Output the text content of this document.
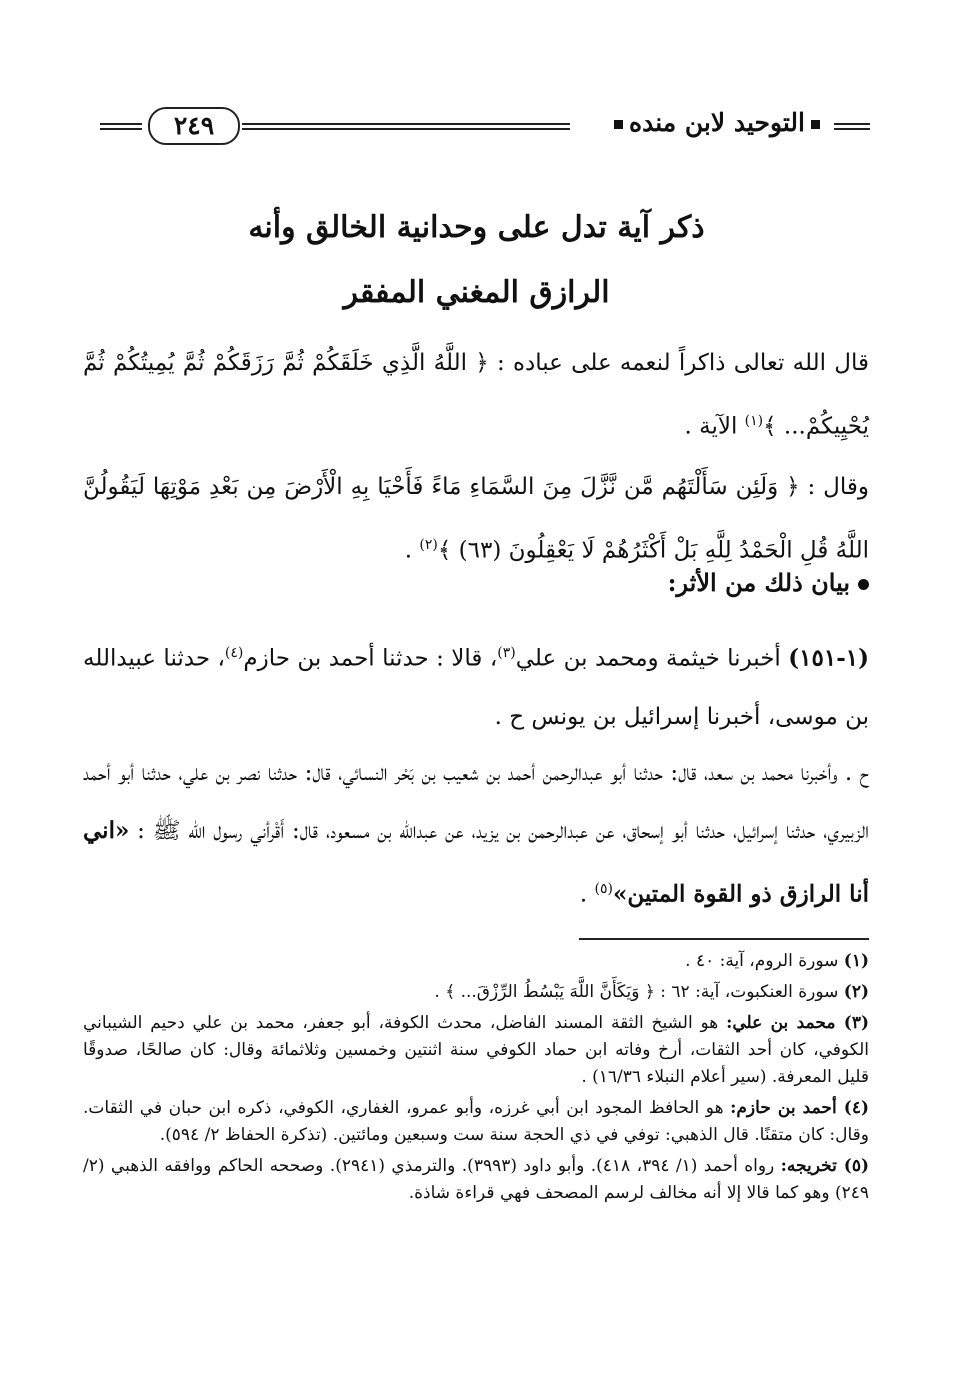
التوحيد لابن منده
٢٤٩
ذكر آية تدل على وحدانية الخالق وأنه
الرازق المغني المفقر
قال الله تعالى ذاكراً لنعمه على عباده : ﴿ اللَّهُ الَّذِي خَلَقَكُمْ ثُمَّ رَزَقَكُمْ ثُمَّ يُمِيتُكُمْ ثُمَّ يُحْيِيكُمْ... ﴾$^{(١)}$ الآية .
وقال : ﴿ وَلَئِن سَأَلْتَهُم مَّن نَّزَّلَ مِنَ السَّمَاءِ مَاءً فَأَحْيَا بِهِ الْأَرْضَ مِن بَعْدِ مَوْتِهَا لَيَقُولُنَّ اللَّهُ قُلِ الْحَمْدُ لِلَّهِ بَلْ أَكْثَرُهُمْ لَا يَعْقِلُونَ (٦٣) ﴾$^{(٢)}$ .
بيان ذلك من الأثر:
(١-١٥١) أخبرنا خيثمة ومحمد بن علي$^{(٣)}$، قالا : حدثنا أحمد بن حازم$^{(٤)}$، حدثنا عبيدالله بن موسى، أخبرنا إسرائيل بن يونس ح .
ح . وأخبرنا محمد بن سعد، قال: حدثنا أبو عبدالرحمن أحمد بن شعيب بن بَحْر النسائي، قال: حدثنا نصر بن علي، حدثنا أبو أحمد الزبيري، حدثنا إسرائيل، حدثنا أبو إسحاق، عن عبدالرحمن بن يزيد، عن عبدالله بن مسعود، قال: أَقْرأني رسول الله ﷺ : «اني أنا الرازق ذو القوة المتين»$^{(٥)}$ .

(١) سورة الروم، آية: ٤٠ .

(٢) سورة العنكبوت، آية: ٦٢ : ﴿ وَيَكَأَنَّ اللَّهَ يَبْسُطُ الرِّزْقَ... ﴾ .

(٣) محمد بن علي: هو الشيخ الثقة المسند الفاضل، محدث الكوفة، أبو جعفر، محمد بن علي دحيم الشيباني الكوفي، كان أحد الثقات، أرخ وفاته ابن حماد الكوفي سنة اثنتين وخمسين وثلاثمائة وقال: كان صالحًا، صدوقًا قليل المعرفة. (سير أعلام النبلاء ١٦/٣٦) .

(٤) أحمد بن حازم: هو الحافظ المجود ابن أبي غرزه، وأبو عمرو، الغفاري، الكوفي، ذكره ابن حبان في الثقات. وقال: كان متقنًا. قال الذهبي: توفي في ذي الحجة سنة ست وسبعين ومائتين. (تذكرة الحفاظ ٢/ ٥٩٤).

(٥) تخريجه: رواه أحمد (١/ ٣٩٤، ٤١٨). وأبو داود (٣٩٩٣). والترمذي (٢٩٤١). وصححه الحاكم ووافقه الذهبي (٢/ ٢٤٩) وهو كما قالا إلا أنه مخالف لرسم المصحف فهي قراءة شاذة.
